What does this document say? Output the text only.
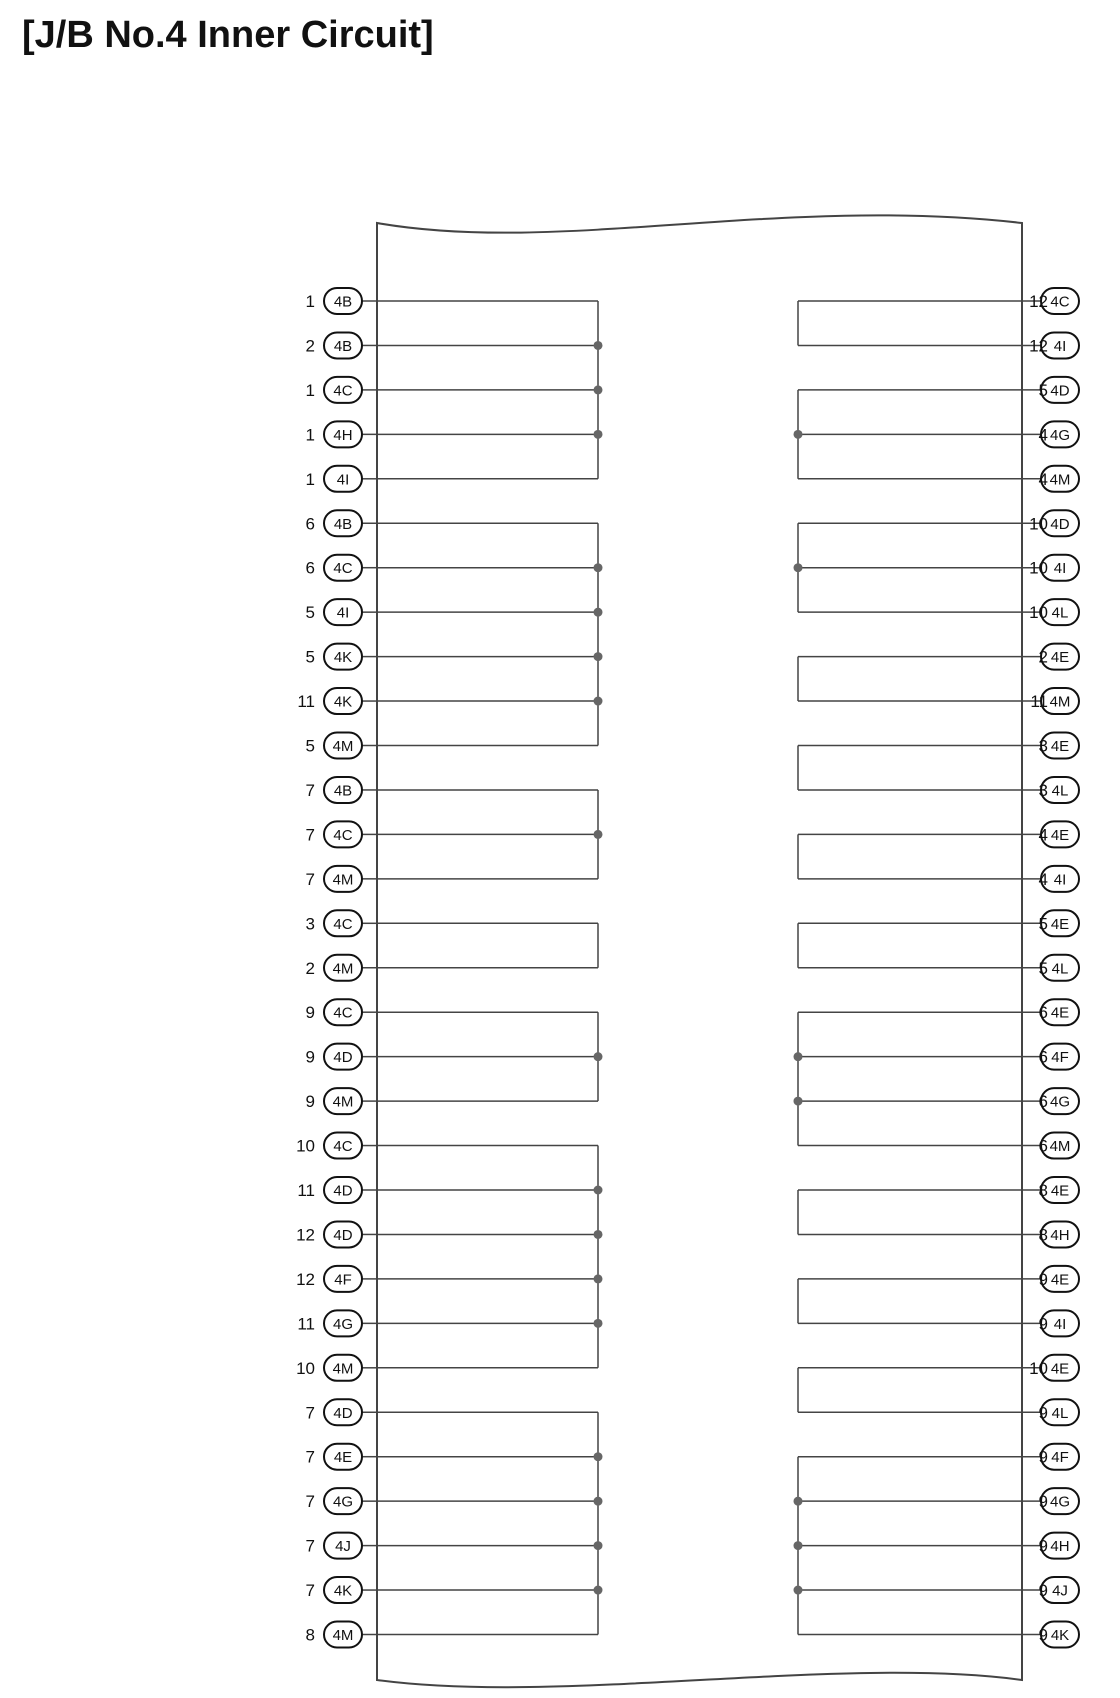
[J/B No.4 Inner Circuit]
4B
1
4B
2
4C
1
4H
1
4I
1
4B
6
4C
6
4I
5
4K
5
4K
11
4M
5
4B
7
4C
7
4M
7
4C
3
4M
2
4C
9
4D
9
4M
9
4C
10
4D
11
4D
12
4F
12
4G
11
4M
10
4D
7
4E
7
4G
7
4J
7
4K
7
4M
8
4C
12
4I
12
4D
5
4G
4
4M
4
4D
10
4I
10
4L
10
4E
2
4M
11
4E
3
4L
3
4E
4
4I
4
4E
5
4L
5
4E
6
4F
6
4G
6
4M
6
4E
8
4H
8
4E
9
4I
9
4E
10
4L
9
4F
9
4G
9
4H
9
4J
9
4K
9
